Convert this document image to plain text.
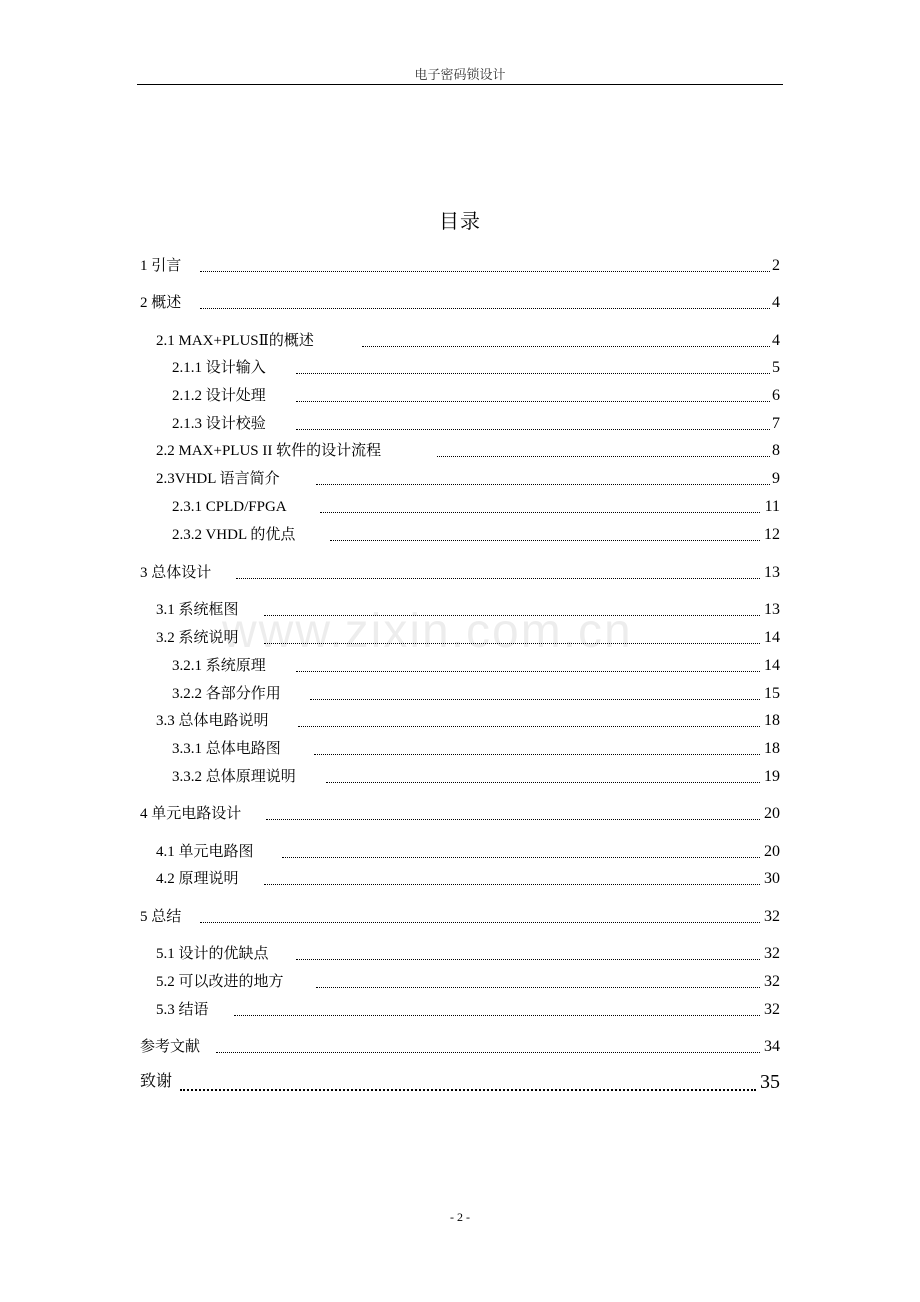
电子密码锁设计
目录
www.zixin.com.cn
1 引言	2
2 概述	4
2.1 MAX+PLUSⅡ的概述	4
2.1.1 设计输入	5
2.1.2 设计处理	6
2.1.3 设计校验	7
2.2 MAX+PLUS II 软件的设计流程	8
2.3VHDL 语言简介	9
2.3.1 CPLD/FPGA	11
2.3.2 VHDL 的优点	12
3 总体设计	13
3.1 系统框图	13
3.2 系统说明	14
3.2.1 系统原理	14
3.2.2 各部分作用	15
3.3 总体电路说明	18
3.3.1 总体电路图	18
3.3.2 总体原理说明	19
4 单元电路设计	20
4.1 单元电路图	20
4.2 原理说明	30
5 总结	32
5.1 设计的优缺点	32
5.2 可以改进的地方	32
5.3 结语	32
参考文献	34
致谢	35
- 2 -
